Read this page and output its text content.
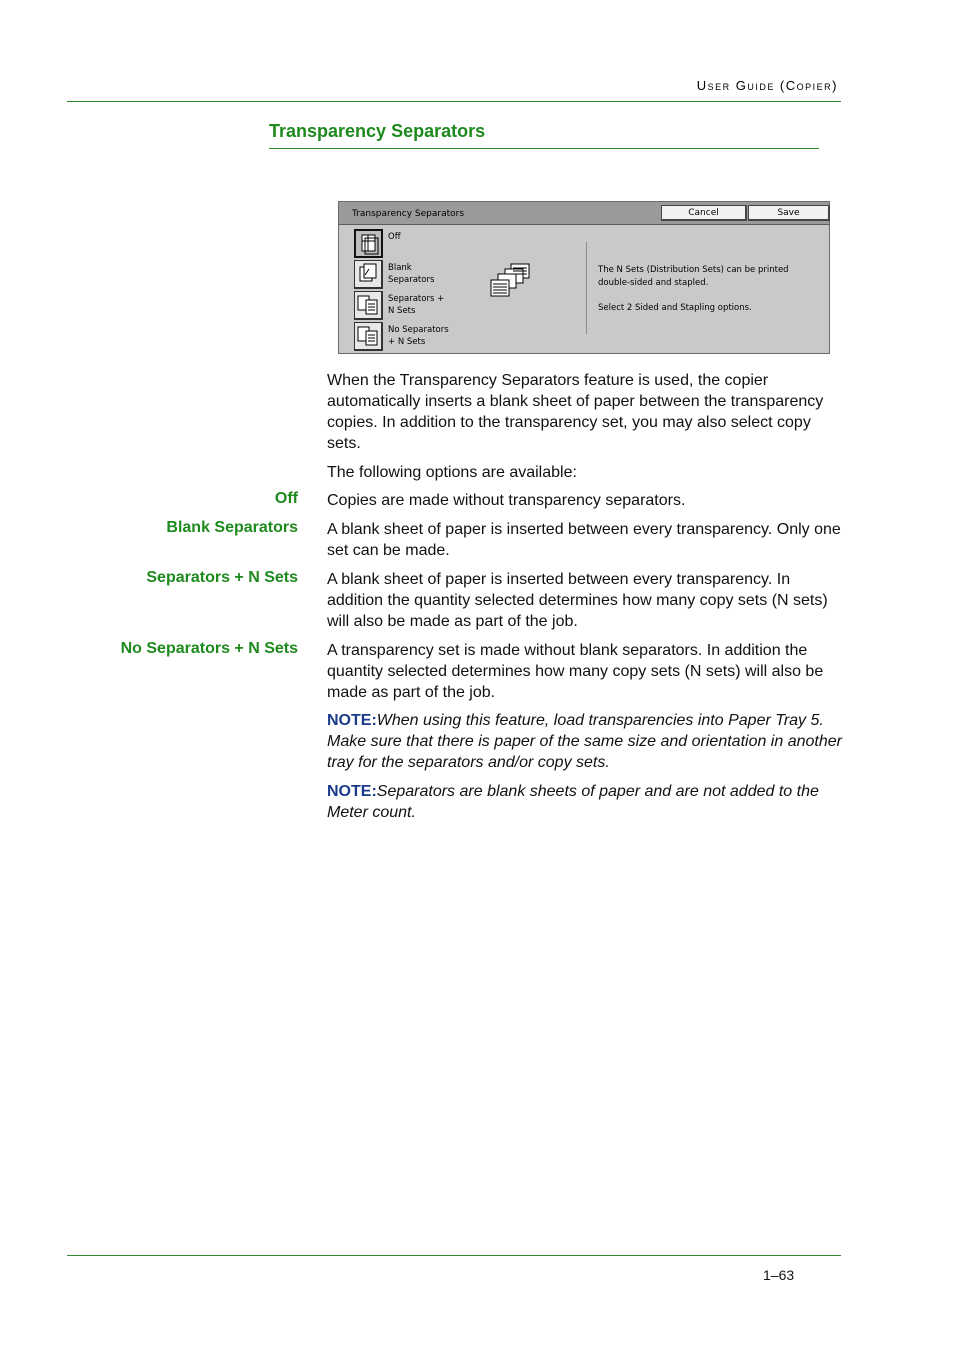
User Guide (Copier)
Transparency Separators
Transparency Separators	Cancel	Save
Off
Blank
Separators
Separators +
N Sets
No Separators
+ N Sets

The N Sets (Distribution Sets) can be printed double-sided and stapled.

Select 2 Sided and Stapling options.

When the Transparency Separators feature is used, the copier automatically inserts a blank sheet of paper between the transparency copies. In addition to the transparency set, you may also select copy sets.
The following options are available:
Off Copies are made without transparency separators.
Blank Separators A blank sheet of paper is inserted between every transparency. Only one set can be made.
Separators + N Sets A blank sheet of paper is inserted between every transparency. In addition the quantity selected determines how many copy sets (N sets) will also be made as part of the job.
No Separators + N Sets A transparency set is made without blank separators. In addition the quantity selected determines how many copy sets (N sets) will also be made as part of the job.
NOTE:When using this feature, load transparencies into Paper Tray 5. Make sure that there is paper of the same size and orientation in another tray for the separators and/or copy sets.
NOTE:Separators are blank sheets of paper and are not added to the Meter count.
1–63
